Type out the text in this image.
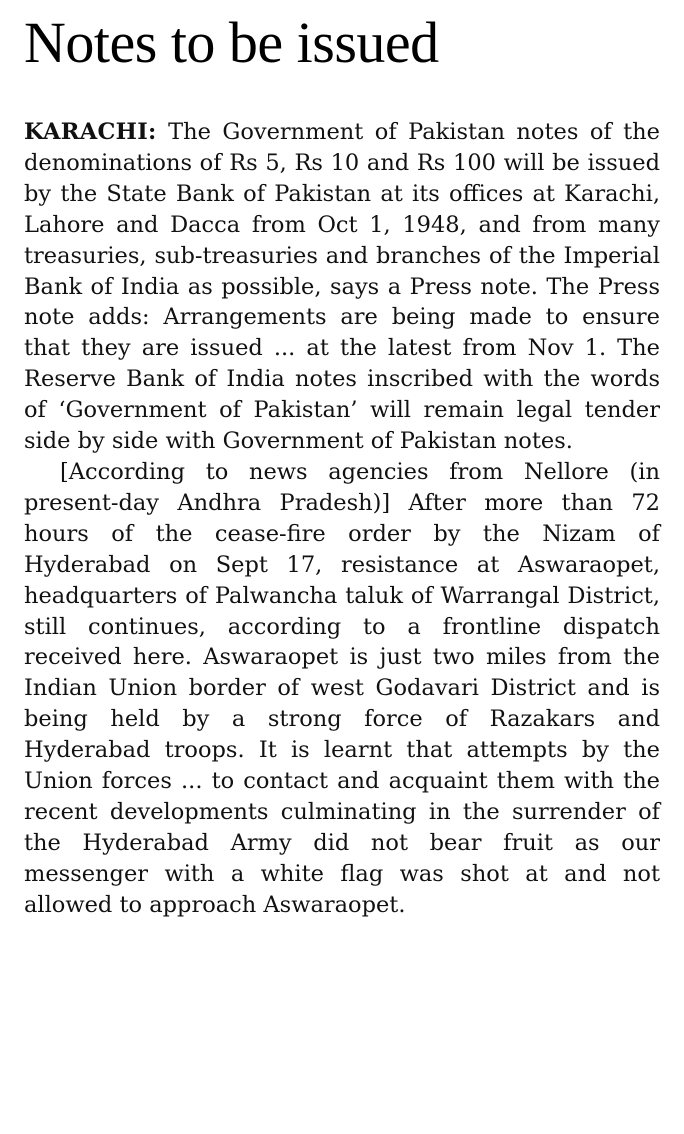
Notes to be issued

KARACHI: The Government of Pakistan notes of the denominations of Rs 5, Rs 10 and Rs 100 will be issued by the State Bank of Pakistan at its offices at Karachi, Lahore and Dacca from Oct 1, 1948, and from many treasuries, sub-treasuries and branches of the Imperial Bank of India as possible, says a Press note. The Press note adds: Arrangements are being made to ensure that they are issued ... at the latest from Nov 1. The Reserve Bank of India notes inscribed with the words of ‘Government of Pakistan’ will remain legal tender side by side with Government of Pakistan notes.

[According to news agencies from Nellore (in present-day Andhra Pradesh)] After more than 72 hours of the cease-fire order by the Nizam of Hyderabad on Sept 17, resistance at Aswaraopet, headquarters of Palwancha taluk of Warrangal District, still continues, according to a frontline dispatch received here. Aswaraopet is just two miles from the Indian Union border of west Godavari District and is being held by a strong force of Razakars and Hyderabad troops. It is learnt that attempts by the Union forces ... to contact and acquaint them with the recent developments culminating in the surrender of the Hyderabad Army did not bear fruit as our messenger with a white flag was shot at and not allowed to approach Aswaraopet.
